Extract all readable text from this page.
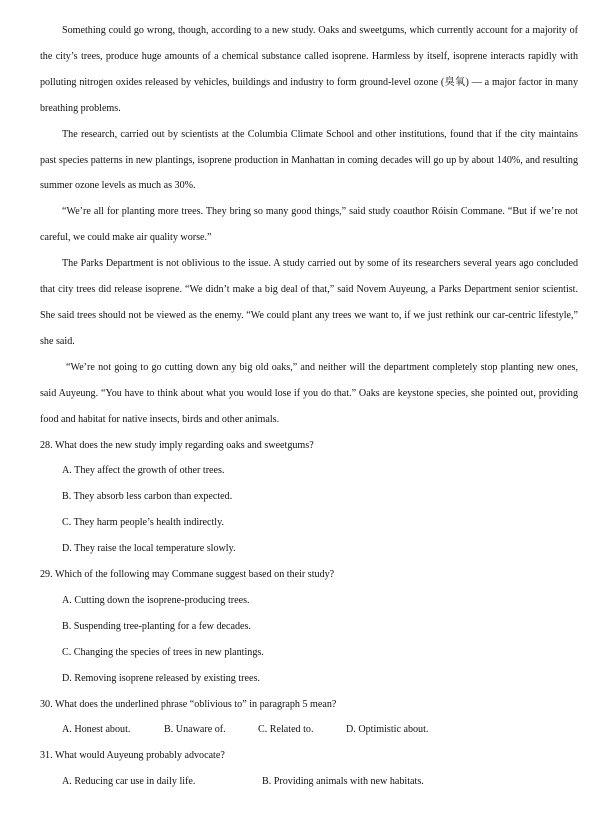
Something could go wrong, though, according to a new study. Oaks and sweetgums, which currently account for a majority of the city’s trees, produce huge amounts of a chemical substance called isoprene. Harmless by itself, isoprene interacts rapidly with polluting nitrogen oxides released by vehicles, buildings and industry to form ground-level ozone (臭氧) — a major factor in many breathing problems.

The research, carried out by scientists at the Columbia Climate School and other institutions, found that if the city maintains past species patterns in new plantings, isoprene production in Manhattan in coming decades will go up by about 140%, and resulting summer ozone levels as much as 30%.

“We’re all for planting more trees. They bring so many good things,” said study coauthor Róisín Commane. “But if we’re not careful, we could make air quality worse.”

The Parks Department is not oblivious to the issue. A study carried out by some of its researchers several years ago concluded that city trees did release isoprene. “We didn’t make a big deal of that,” said Novem Auyeung, a Parks Department senior scientist. She said trees should not be viewed as the enemy. “We could plant any trees we want to, if we just rethink our car-centric lifestyle,” she said.

“We’re not going to go cutting down any big old oaks,” and neither will the department completely stop planting new ones, said Auyeung. “You have to think about what you would lose if you do that.” Oaks are keystone species, she pointed out, providing food and habitat for native insects, birds and other animals.

28. What does the new study imply regarding oaks and sweetgums?

A. They affect the growth of other trees.

B. They absorb less carbon than expected.

C. They harm people’s health indirectly.

D. They raise the local temperature slowly.

29. Which of the following may Commane suggest based on their study?

A. Cutting down the isoprene-producing trees.

B. Suspending tree-planting for a few decades.

C. Changing the species of trees in new plantings.

D. Removing isoprene released by existing trees.

30. What does the underlined phrase “oblivious to” in paragraph 5 mean?

A. Honest about.	B. Unaware of.	C. Related to.	D. Optimistic about.

31. What would Auyeung probably advocate?

A. Reducing car use in daily life.	B. Providing animals with new habitats.
